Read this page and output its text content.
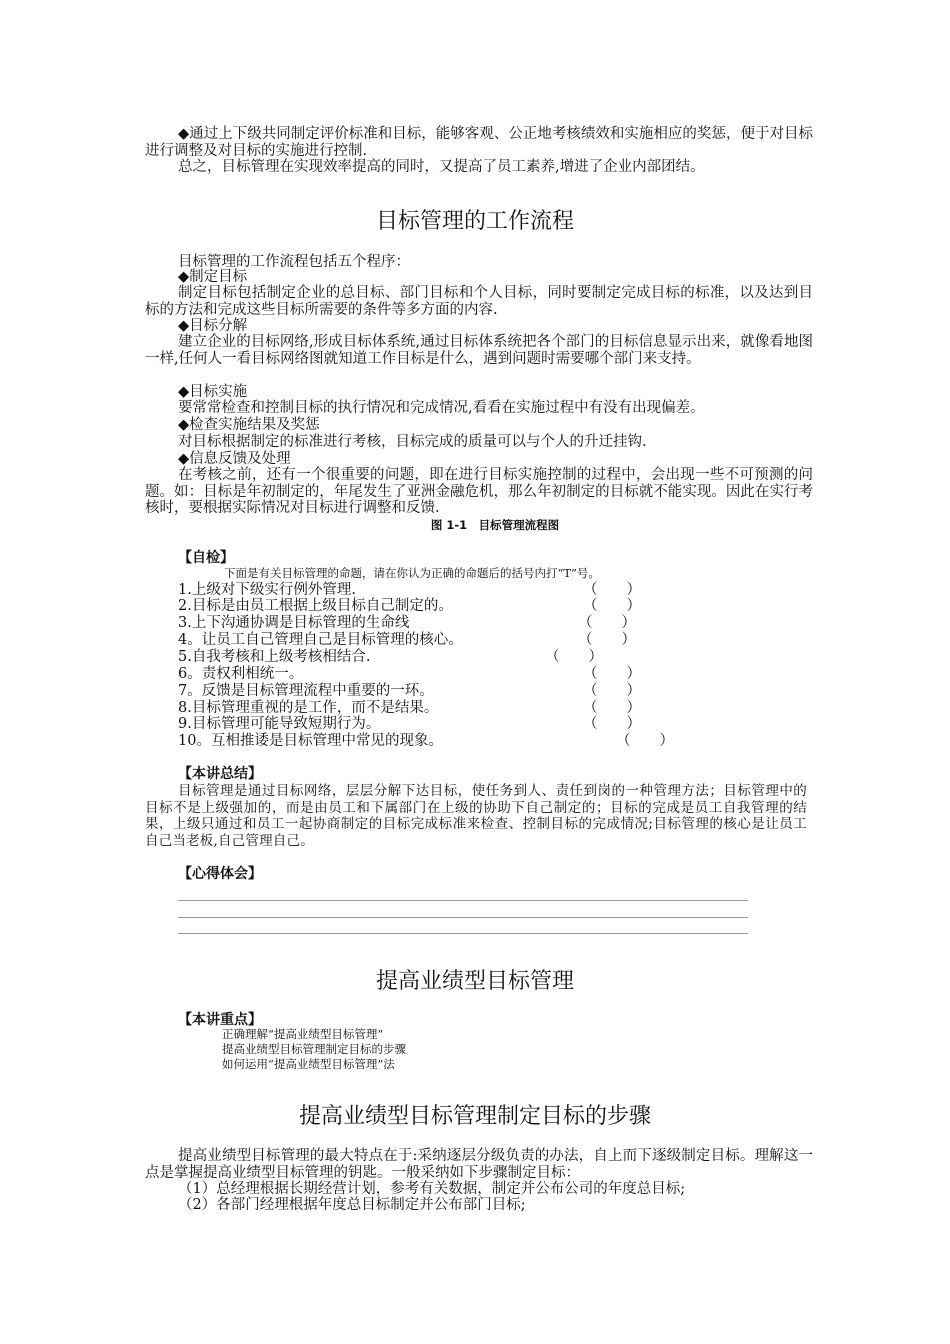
◆通过上下级共同制定评价标准和目标，能够客观、公正地考核绩效和实施相应的奖惩，便于对目标进行调整及对目标的实施进行控制.

总之，目标管理在实现效率提高的同时，又提高了员工素养,增进了企业内部团结。

目标管理的工作流程

目标管理的工作流程包括五个程序：

◆制定目标

制定目标包括制定企业的总目标、部门目标和个人目标，同时要制定完成目标的标准，以及达到目标的方法和完成这些目标所需要的条件等多方面的内容.

◆目标分解

建立企业的目标网络,形成目标体系统,通过目标体系统把各个部门的目标信息显示出来，就像看地图一样,任何人一看目标网络图就知道工作目标是什么，遇到问题时需要哪个部门来支持。

◆目标实施

要常常检查和控制目标的执行情况和完成情况,看看在实施过程中有没有出现偏差。

◆检查实施结果及奖惩

对目标根据制定的标准进行考核，目标完成的质量可以与个人的升迁挂钩.

◆信息反馈及处理

在考核之前，还有一个很重要的问题，即在进行目标实施控制的过程中，会出现一些不可预测的问题。如：目标是年初制定的，年尾发生了亚洲金融危机，那么年初制定的目标就不能实现。因此在实行考核时，要根据实际情况对目标进行调整和反馈.

图 1-1　目标管理流程图

【自检】

下面是有关目标管理的命题，请在你认为正确的命题后的括号内打“T”号。

1.上级对下级实行例外管理.	（　　）
2.目标是由员工根据上级目标自己制定的。	（　　）
3.上下沟通协调是目标管理的生命线	（　　）
4。让员工自己管理自己是目标管理的核心。	（　　）
5.自我考核和上级考核相结合.	（　　）
6。责权利相统一。	（　　）
7。反馈是目标管理流程中重要的一环。	（　　）
8.目标管理重视的是工作，而不是结果。	（　　）
9.目标管理可能导致短期行为。	（　　）
10。互相推诿是目标管理中常见的现象。	（　　）

【本讲总结】

目标管理是通过目标网络，层层分解下达目标，使任务到人、责任到岗的一种管理方法；目标管理中的目标不是上级强加的，而是由员工和下属部门在上级的协助下自己制定的；目标的完成是员工自我管理的结果，上级只通过和员工一起协商制定的目标完成标准来检查、控制目标的完成情况;目标管理的核心是让员工自己当老板,自己管理自己。

【心得体会】

提高业绩型目标管理

【本讲重点】

正确理解“提高业绩型目标管理”

提高业绩型目标管理制定目标的步骤

如何运用“提高业绩型目标管理”法

提高业绩型目标管理制定目标的步骤

提高业绩型目标管理的最大特点在于:采纳逐层分级负责的办法，自上而下逐级制定目标。理解这一点是掌握提高业绩型目标管理的钥匙。一般采纳如下步骤制定目标：

（1）总经理根据长期经营计划，参考有关数据，制定并公布公司的年度总目标;

（2）各部门经理根据年度总目标制定并公布部门目标;
